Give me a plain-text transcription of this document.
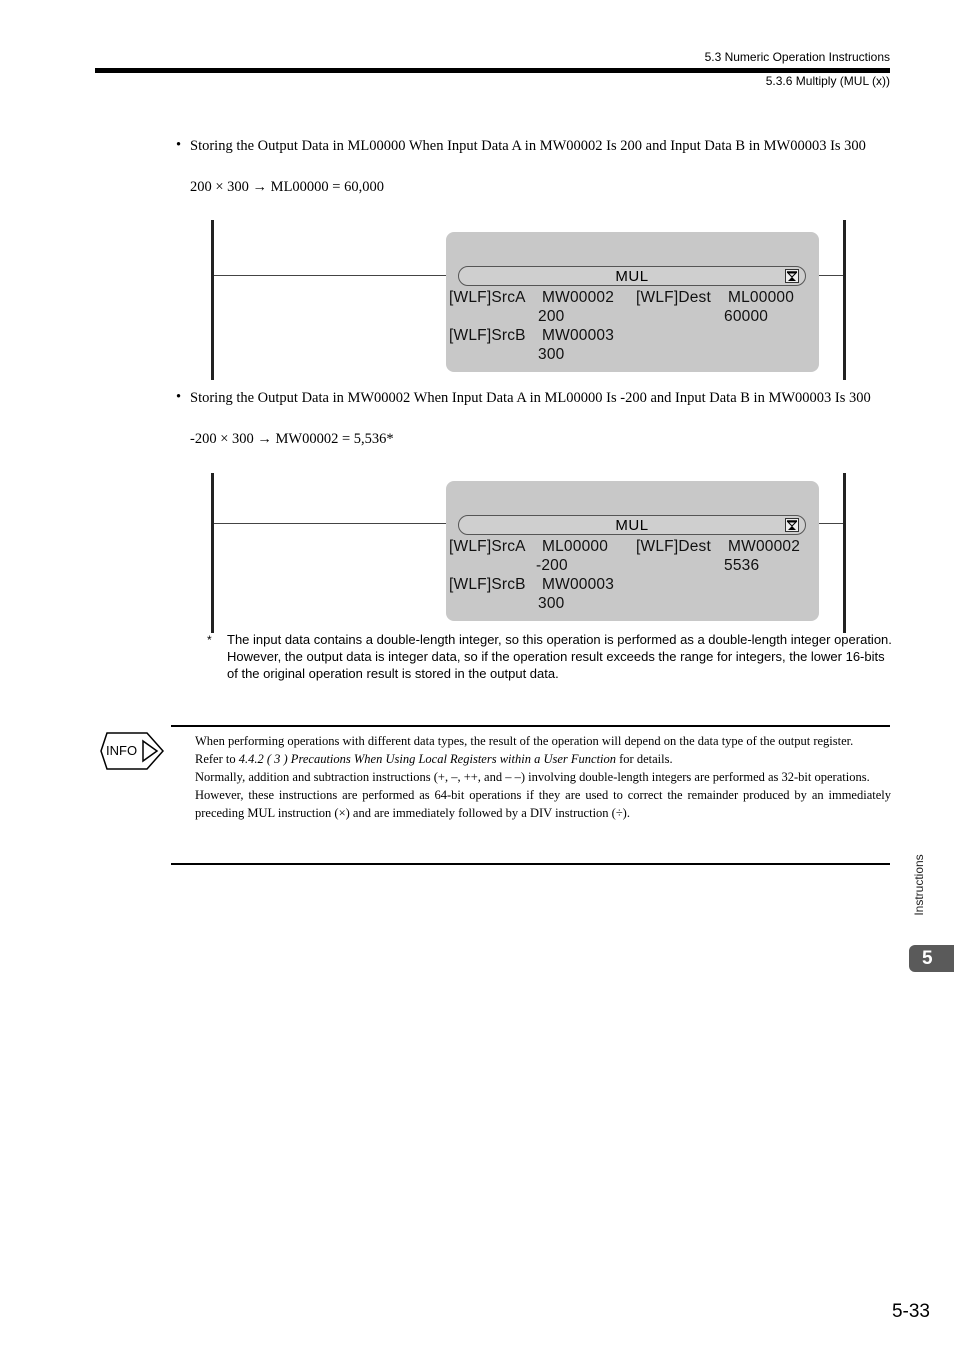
5.3 Numeric Operation Instructions
5.3.6 Multiply (MUL (x))
• Storing the Output Data in ML00000 When Input Data A in MW00002 Is 200 and Input Data B in MW00003 Is 300
200 × 300 → ML00000 = 60,000
MUL
[WLF]SrcA MW00002
200
[WLF]Dest ML00000
60000
[WLF]SrcB MW00003
300
• Storing the Output Data in MW00002 When Input Data A in ML00000 Is -200 and Input Data B in MW00003 Is 300
-200 × 300 → MW00002 = 5,536*
MUL
[WLF]SrcA ML00000
-200
[WLF]Dest MW00002
5536
[WLF]SrcB MW00003
300
* The input data contains a double-length integer, so this operation is performed as a double-length integer operation. However, the output data is integer data, so if the operation result exceeds the range for integers, the lower 16-bits of the original operation result is stored in the output data.
INFO

When performing operations with different data types, the result of the operation will depend on the data type of the output register.

Refer to 4.4.2 ( 3 ) Precautions When Using Local Registers within a User Function for details.

Normally, addition and subtraction instructions (+, –, ++, and – –) involving double-length integers are performed as 32-bit operations.

However, these instructions are performed as 64-bit operations if they are used to correct the remainder produced by an immediately preceding MUL instruction (×) and are immediately followed by a DIV instruction (÷).

Instructions
5
5-33
